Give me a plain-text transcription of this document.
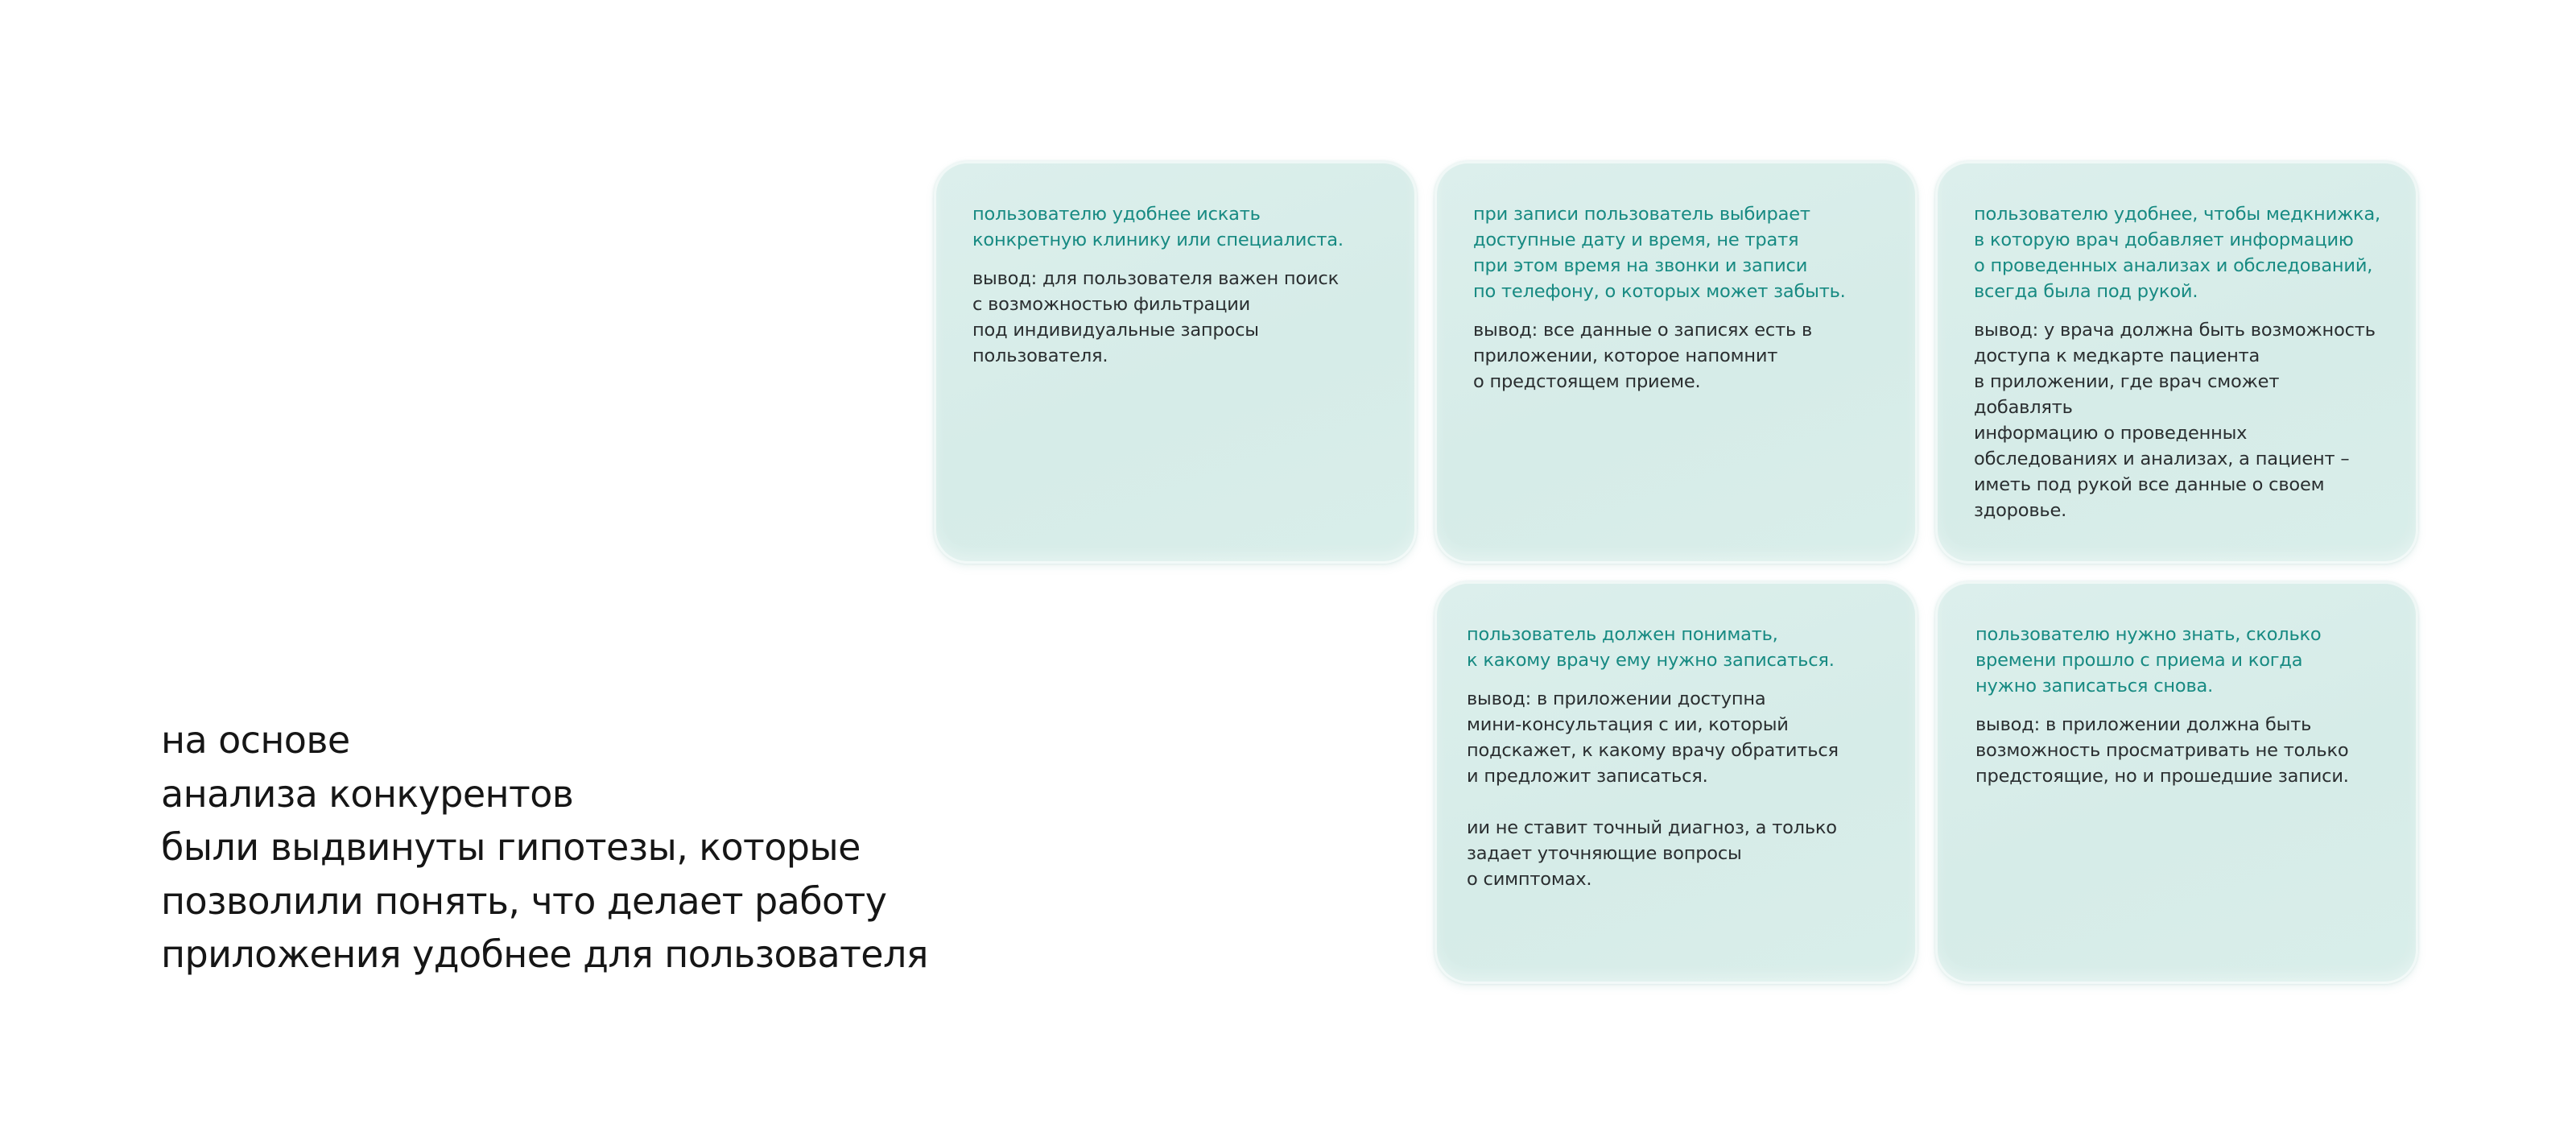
на основе
анализа конкурентов
были выдвинуты гипотезы, которые
позволили понять, что делает работу
приложения удобнее для пользователя

пользователю удобнее искать
конкретную клинику или специалиста.

вывод: для пользователя важен поиск
с возможностью фильтрации
под индивидуальные запросы
пользователя.

при записи пользователь выбирает
доступные дату и время, не тратя
при этом время на звонки и записи
по телефону, о которых может забыть.

вывод: все данные о записях есть в
приложении, которое напомнит
о предстоящем приеме.

пользователю удобнее, чтобы медкнижка,
в которую врач добавляет информацию
о проведенных анализах и обследований,
всегда была под рукой.

вывод: у врача должна быть возможность
доступа к медкарте пациента
в приложении, где врач сможет добавлять
информацию о проведенных
обследованиях и анализах, а пациент –
иметь под рукой все данные о своем
здоровье.

пользователь должен понимать,
к какому врачу ему нужно записаться.

вывод: в приложении доступна
мини-консультация с ии, который
подскажет, к какому врачу обратиться
и предложит записаться.

ии не ставит точный диагноз, а только
задает уточняющие вопросы
о симптомах.

пользователю нужно знать, сколько
времени прошло с приема и когда
нужно записаться снова.

вывод: в приложении должна быть
возможность просматривать не только
предстоящие, но и прошедшие записи.
